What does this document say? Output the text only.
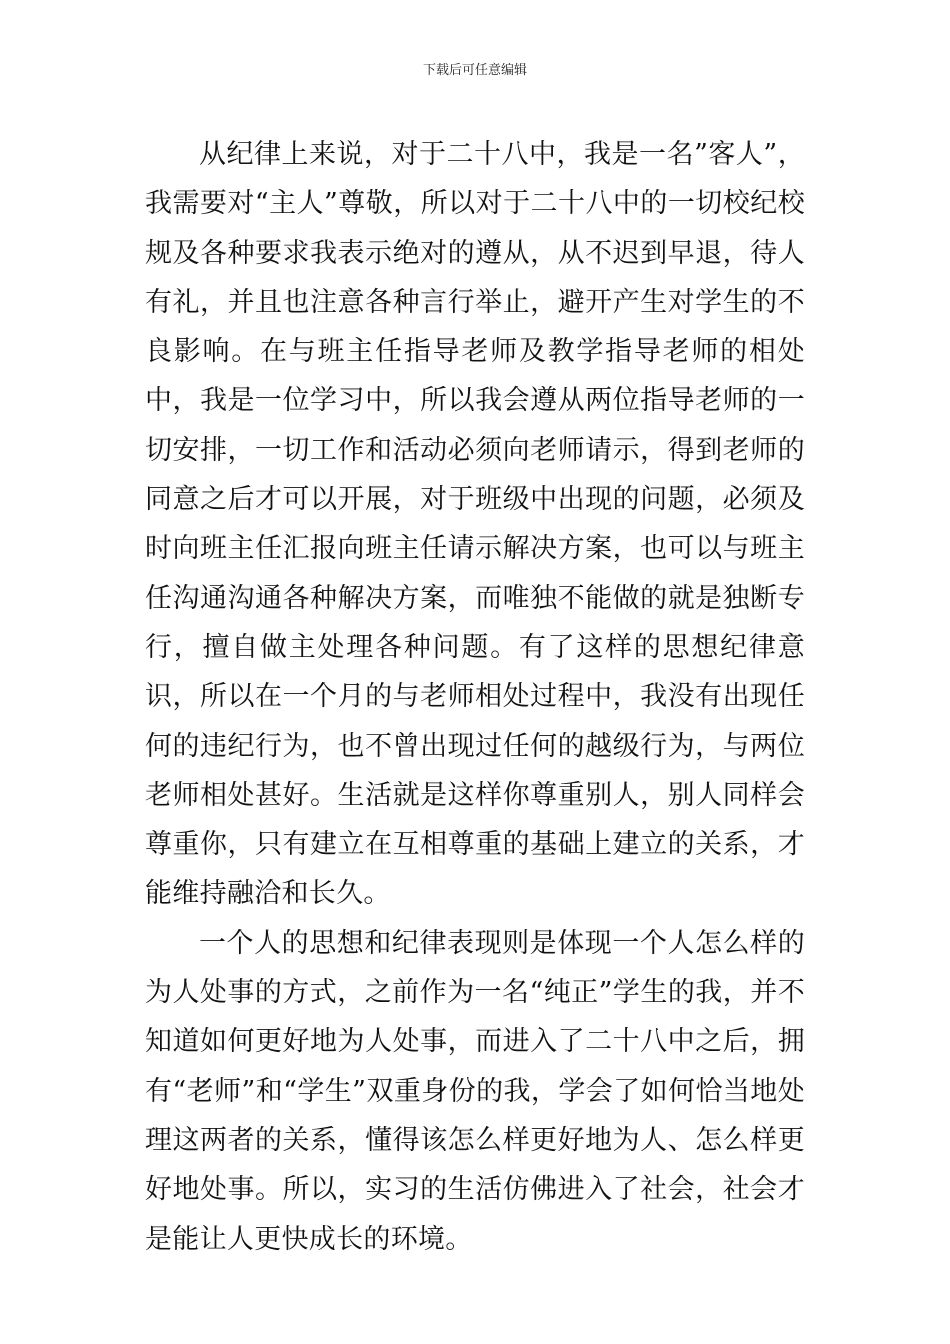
下载后可任意编辑

从纪律上来说，对于二十八中，我是一名”客人”，我需要对“主人”尊敬，所以对于二十八中的一切校纪校规及各种要求我表示绝对的遵从，从不迟到早退，待人有礼，并且也注意各种言行举止，避开产生对学生的不良影响。在与班主任指导老师及教学指导老师的相处中，我是一位学习中，所以我会遵从两位指导老师的一切安排，一切工作和活动必须向老师请示，得到老师的同意之后才可以开展，对于班级中出现的问题，必须及时向班主任汇报向班主任请示解决方案，也可以与班主任沟通沟通各种解决方案，而唯独不能做的就是独断专行，擅自做主处理各种问题。有了这样的思想纪律意识，所以在一个月的与老师相处过程中，我没有出现任何的违纪行为，也不曾出现过任何的越级行为，与两位老师相处甚好。生活就是这样你尊重别人，别人同样会尊重你，只有建立在互相尊重的基础上建立的关系，才能维持融洽和长久。

一个人的思想和纪律表现则是体现一个人怎么样的为人处事的方式，之前作为一名“纯正”学生的我，并不知道如何更好地为人处事，而进入了二十八中之后，拥有“老师”和“学生”双重身份的我，学会了如何恰当地处理这两者的关系，懂得该怎么样更好地为人、怎么样更好地处事。所以，实习的生活仿佛进入了社会，社会才是能让人更快成长的环境。
